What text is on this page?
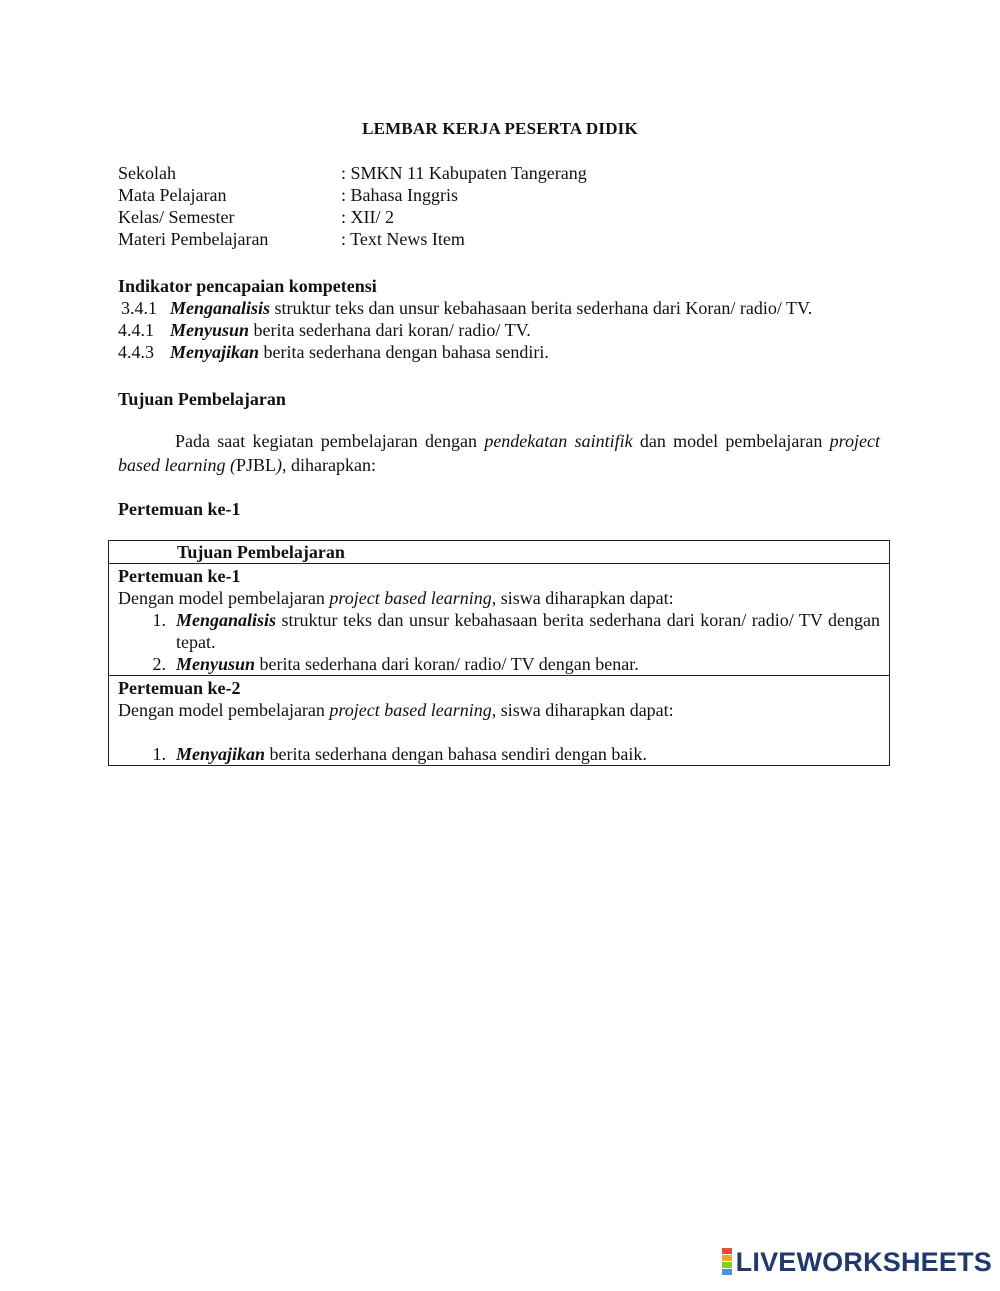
LEMBAR KERJA PESERTA DIDIK
Sekolah	: SMKN 11 Kabupaten Tangerang
Mata Pelajaran	: Bahasa Inggris
Kelas/ Semester	: XII/ 2
Materi Pembelajaran	: Text News Item
Indikator pencapaian kompetensi
3.4.1 Menganalisis struktur teks dan unsur kebahasaan berita sederhana dari Koran/ radio/ TV.
4.4.1 Menyusun berita sederhana dari koran/ radio/ TV.
4.4.3 Menyajikan berita sederhana dengan bahasa sendiri.
Tujuan Pembelajaran
Pada saat kegiatan pembelajaran dengan pendekatan saintifik dan model pembelajaran project based learning (PJBL), diharapkan:
Pertemuan ke-1
Tujuan Pembelajaran
Pertemuan ke-1
Dengan model pembelajaran project based learning, siswa diharapkan dapat:
1. Menganalisis struktur teks dan unsur kebahasaan berita sederhana dari koran/ radio/ TV dengan tepat.
2. Menyusun berita sederhana dari koran/ radio/ TV dengan benar.
Pertemuan ke-2
Dengan model pembelajaran project based learning, siswa diharapkan dapat:
1. Menyajikan berita sederhana dengan bahasa sendiri dengan baik.
LIVEWORKSHEETS
